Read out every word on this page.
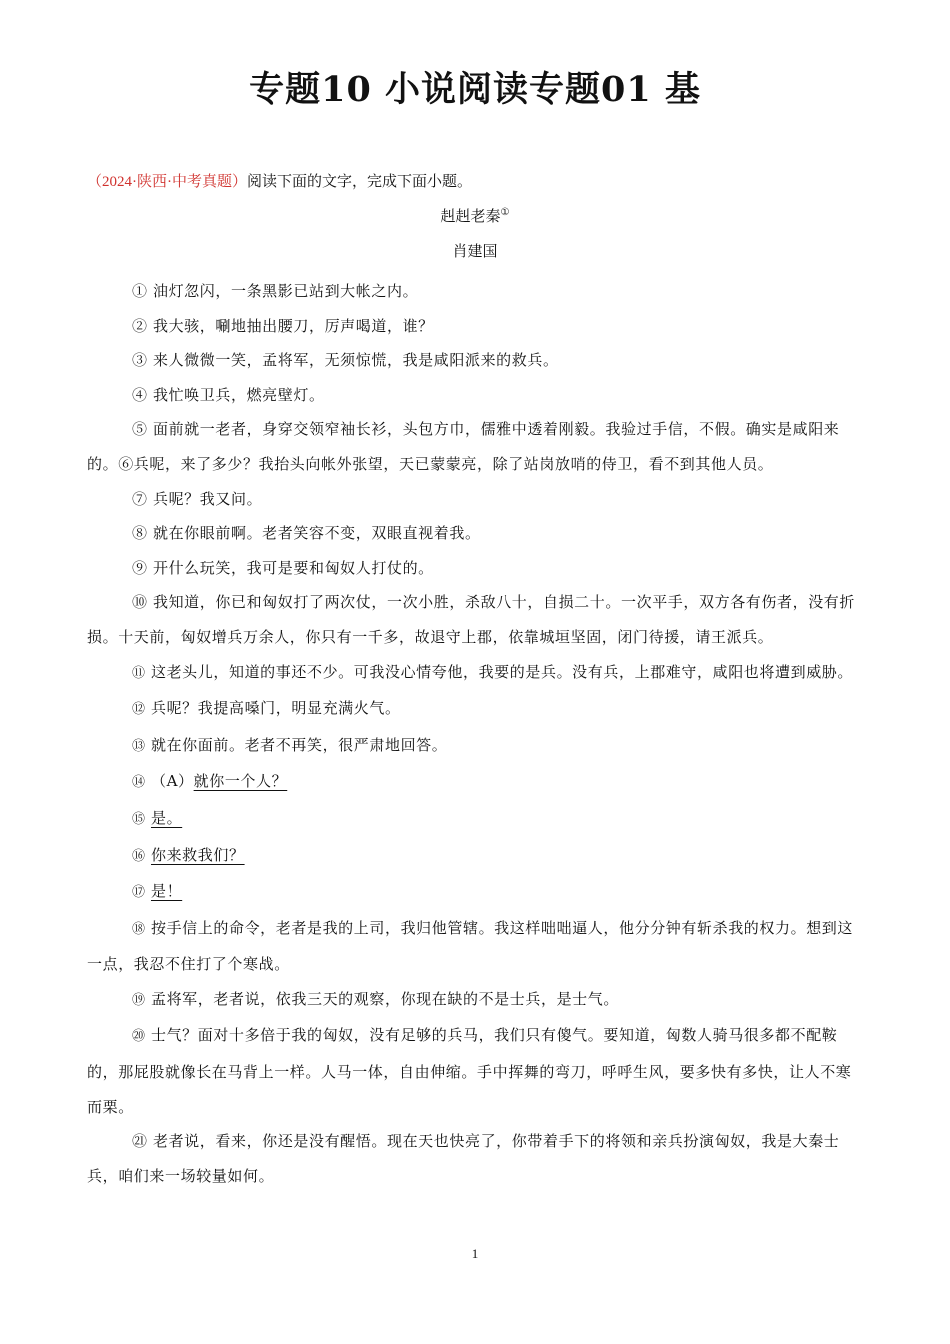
专题10 小说阅读专题01 基
（2024·陕西·中考真题）阅读下面的文字，完成下面小题。
赳赳老秦①
肖建国

① 油灯忽闪，一条黑影已站到大帐之内。

② 我大骇，唰地抽出腰刀，厉声喝道，谁？

③ 来人微微一笑，孟将军，无须惊慌，我是咸阳派来的救兵。

④ 我忙唤卫兵，燃亮壁灯。

⑤ 面前就一老者，身穿交领窄袖长衫，头包方巾，儒雅中透着刚毅。我验过手信，不假。确实是咸阳来的。⑥兵呢，来了多少？我抬头向帐外张望，天已蒙蒙亮，除了站岗放哨的侍卫，看不到其他人员。

⑦ 兵呢？我又问。

⑧ 就在你眼前啊。老者笑容不变，双眼直视着我。

⑨ 开什么玩笑，我可是要和匈奴人打仗的。

⑩ 我知道，你已和匈奴打了两次仗，一次小胜，杀敌八十，自损二十。一次平手，双方各有伤者，没有折损。十天前，匈奴增兵万余人，你只有一千多，故退守上郡，依靠城垣坚固，闭门待援，请王派兵。

⑪ 这老头儿，知道的事还不少。可我没心情夸他，我要的是兵。没有兵，上郡难守，咸阳也将遭到威胁。

⑫ 兵呢？我提高嗓门，明显充满火气。

⑬ 就在你面前。老者不再笑，很严肃地回答。

⑭ （A）就你一个人？

⑮ 是。

⑯ 你来救我们？

⑰ 是！

⑱ 按手信上的命令，老者是我的上司，我归他管辖。我这样咄咄逼人，他分分钟有斩杀我的权力。想到这一点，我忍不住打了个寒战。

⑲ 孟将军，老者说，依我三天的观察，你现在缺的不是士兵，是士气。

⑳ 士气？面对十多倍于我的匈奴，没有足够的兵马，我们只有傻气。要知道，匈数人骑马很多都不配鞍的，那屁股就像长在马背上一样。人马一体，自由伸缩。手中挥舞的弯刀，呼呼生风，要多快有多快，让人不寒而栗。

㉑ 老者说，看来，你还是没有醒悟。现在天也快亮了，你带着手下的将领和亲兵扮演匈奴，我是大秦士兵，咱们来一场较量如何。

1
